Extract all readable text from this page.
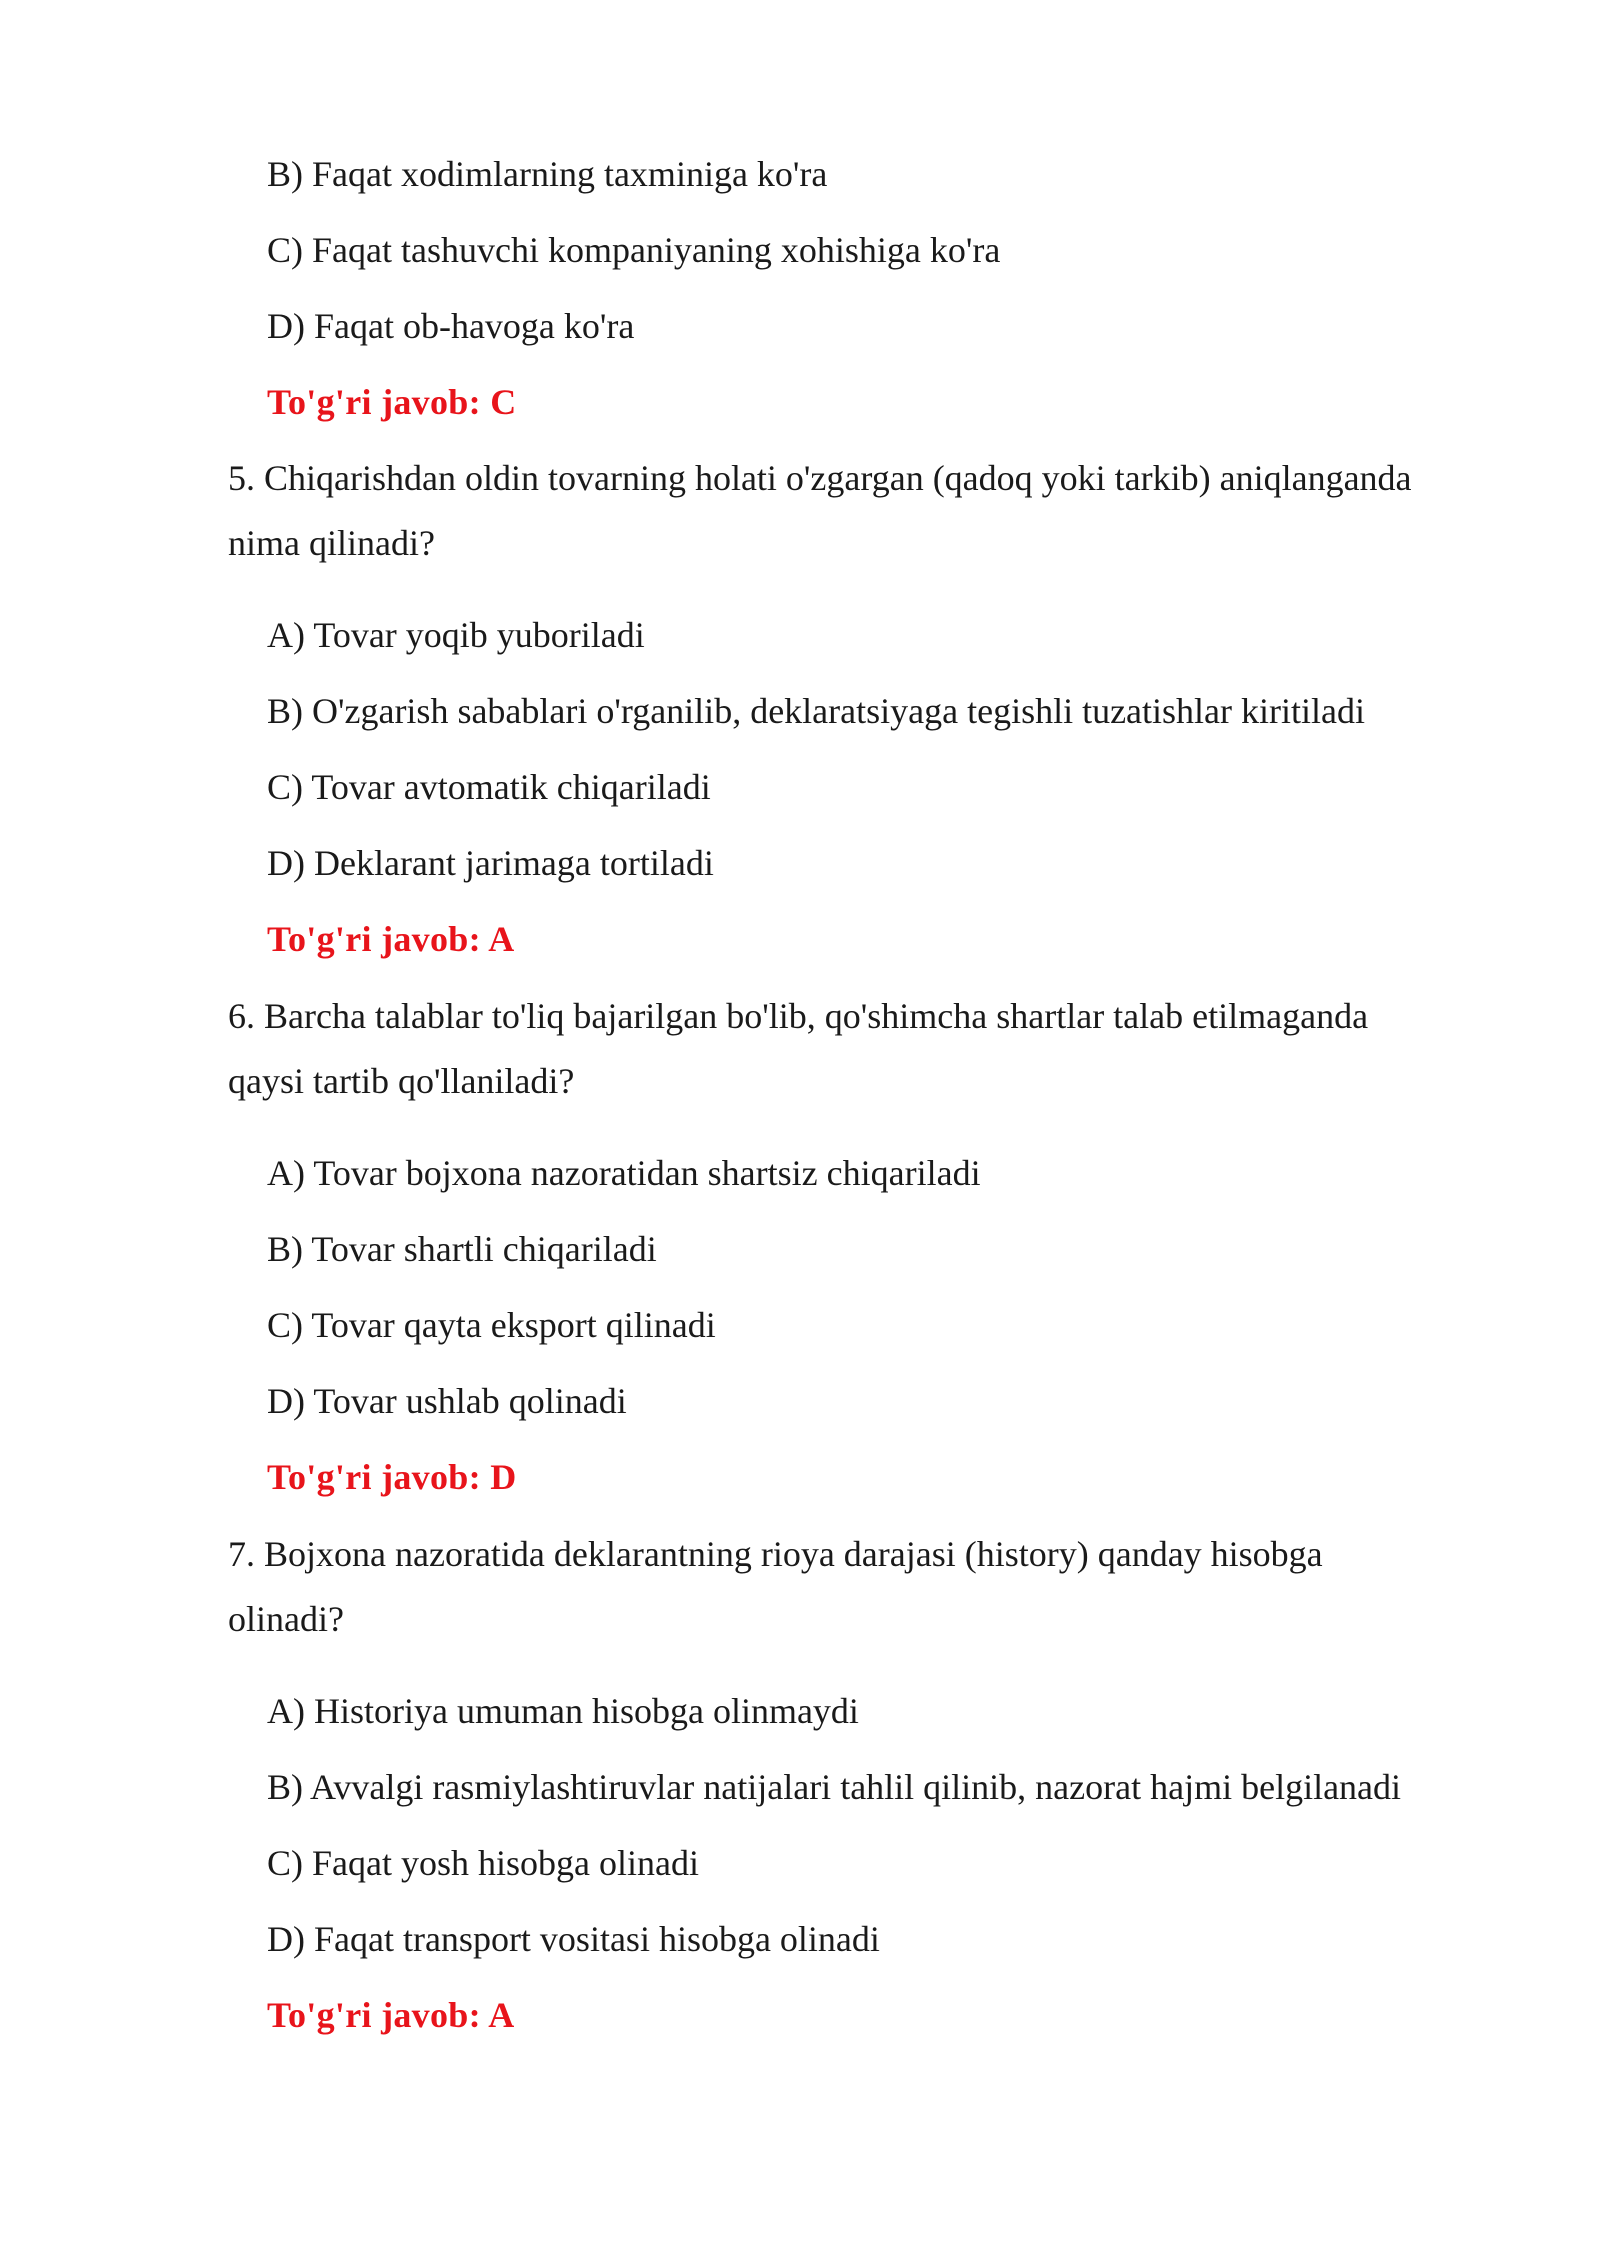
B) Faqat xodimlarning taxminiga ko'ra
C) Faqat tashuvchi kompaniyaning xohishiga ko'ra
D) Faqat ob-havoga ko'ra
To'g'ri javob: C
5. Chiqarishdan oldin tovarning holati o'zgargan (qadoq yoki tarkib) aniqlanganda
nima qilinadi?
A) Tovar yoqib yuboriladi
B) O'zgarish sabablari o'rganilib, deklaratsiyaga tegishli tuzatishlar kiritiladi
C) Tovar avtomatik chiqariladi
D) Deklarant jarimaga tortiladi
To'g'ri javob: A
6. Barcha talablar to'liq bajarilgan bo'lib, qo'shimcha shartlar talab etilmaganda
qaysi tartib qo'llaniladi?
A) Tovar bojxona nazoratidan shartsiz chiqariladi
B) Tovar shartli chiqariladi
C) Tovar qayta eksport qilinadi
D) Tovar ushlab qolinadi
To'g'ri javob: D
7. Bojxona nazoratida deklarantning rioya darajasi (history) qanday hisobga
olinadi?
A) Historiya umuman hisobga olinmaydi
B) Avvalgi rasmiylashtiruvlar natijalari tahlil qilinib, nazorat hajmi belgilanadi
C) Faqat yosh hisobga olinadi
D) Faqat transport vositasi hisobga olinadi
To'g'ri javob: A
